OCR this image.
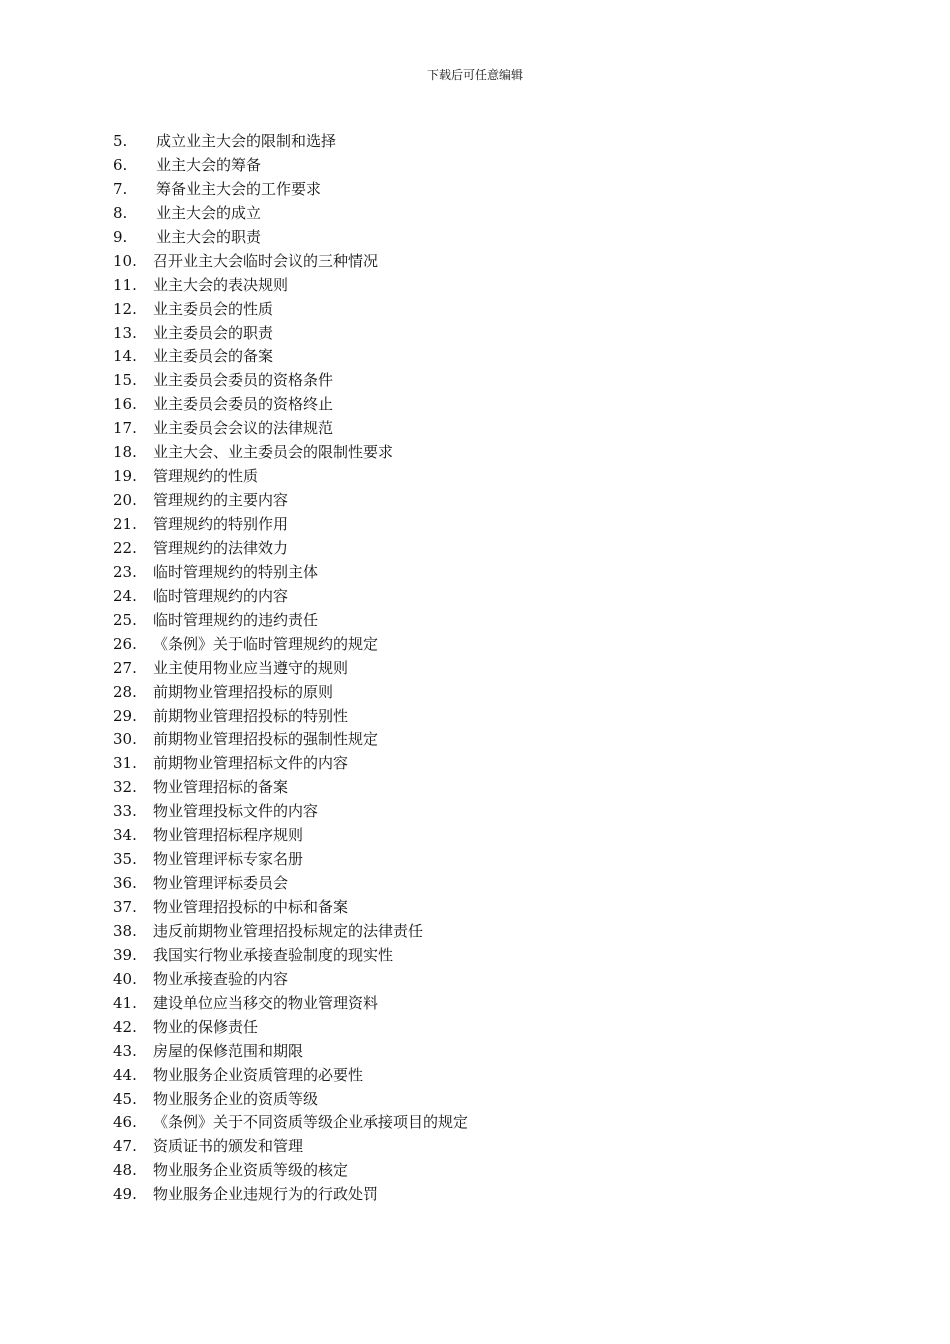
下载后可任意编辑
5.	成立业主大会的限制和选择
6.	业主大会的筹备
7.	筹备业主大会的工作要求
8.	业主大会的成立
9.	业主大会的职责
10.	召开业主大会临时会议的三种情况
11.	业主大会的表决规则
12.	业主委员会的性质
13.	业主委员会的职责
14.	业主委员会的备案
15.	业主委员会委员的资格条件
16.	业主委员会委员的资格终止
17.	业主委员会会议的法律规范
18.	业主大会、业主委员会的限制性要求
19.	管理规约的性质
20.	管理规约的主要内容
21.	管理规约的特别作用
22.	管理规约的法律效力
23.	临时管理规约的特别主体
24.	临时管理规约的内容
25.	临时管理规约的违约责任
26.	《条例》关于临时管理规约的规定
27.	业主使用物业应当遵守的规则
28.	前期物业管理招投标的原则
29.	前期物业管理招投标的特别性
30.	前期物业管理招投标的强制性规定
31.	前期物业管理招标文件的内容
32.	物业管理招标的备案
33.	物业管理投标文件的内容
34.	物业管理招标程序规则
35.	物业管理评标专家名册
36.	物业管理评标委员会
37.	物业管理招投标的中标和备案
38.	违反前期物业管理招投标规定的法律责任
39.	我国实行物业承接查验制度的现实性
40.	物业承接查验的内容
41.	建设单位应当移交的物业管理资料
42.	物业的保修责任
43.	房屋的保修范围和期限
44.	物业服务企业资质管理的必要性
45.	物业服务企业的资质等级
46.	《条例》关于不同资质等级企业承接项目的规定
47.	资质证书的颁发和管理
48.	物业服务企业资质等级的核定
49.	物业服务企业违规行为的行政处罚
